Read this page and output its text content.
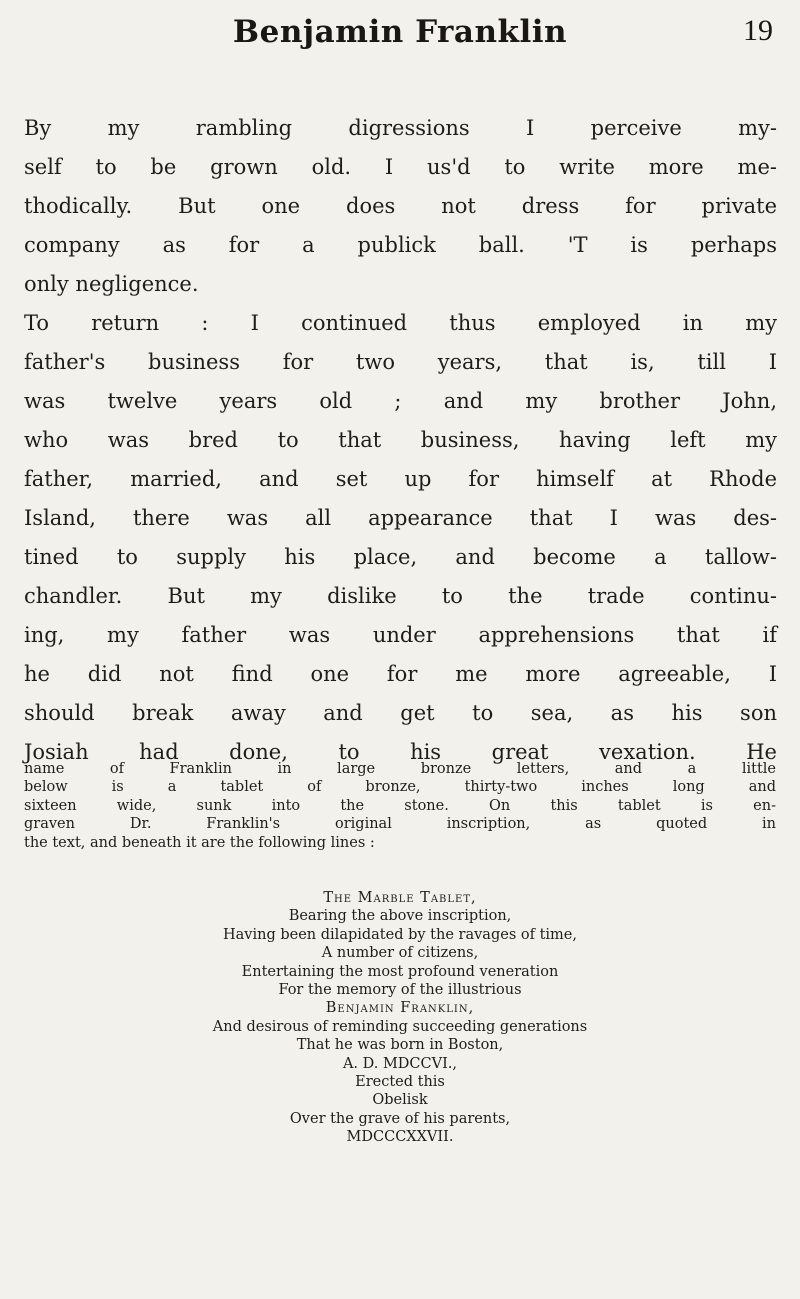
Benjamin Franklin	19
By my rambling digressions I perceive my-
self to be grown old. I us'd to write more me-
thodically. But one does not dress for private
company as for a publick ball. 'T is perhaps
only negligence.
To return : I continued thus employed in my
father's business for two years, that is, till I
was twelve years old ; and my brother John,
who was bred to that business, having left my
father, married, and set up for himself at Rhode
Island, there was all appearance that I was des-
tined to supply his place, and become a tallow-
chandler. But my dislike to the trade continu-
ing, my father was under apprehensions that if
he did not find one for me more agreeable, I
should break away and get to sea, as his son
Josiah had done, to his great vexation. He
name of Franklin in large bronze letters, and a little
below is a tablet of bronze, thirty-two inches long and
sixteen wide, sunk into the stone. On this tablet is en-
graven Dr. Franklin's original inscription, as quoted in
the text, and beneath it are the following lines :
The Marble Tablet,
Bearing the above inscription,
Having been dilapidated by the ravages of time,
A number of citizens,
Entertaining the most profound veneration
For the memory of the illustrious
Benjamin Franklin,
And desirous of reminding succeeding generations
That he was born in Boston,
A. D. MDCCVI.,
Erected this
Obelisk
Over the grave of his parents,
MDCCCXXVII.
